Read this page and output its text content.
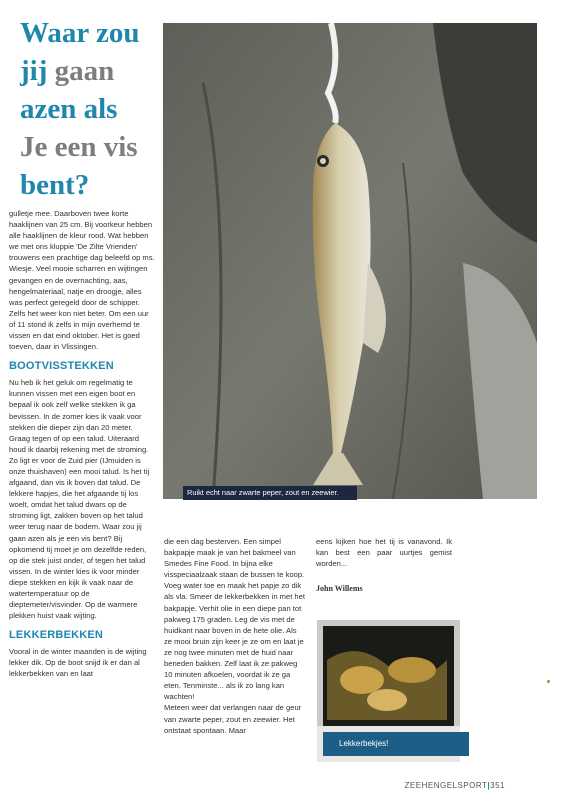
Waar zou
jij gaan
azen als
Je een vis
bent?

gulletje mee. Daarboven twee korte haaklijnen van 25 cm. Bij voorkeur hebben alle haaklijnen de kleur rood. Wat hebben we met ons kluppie 'De Zilte Vrienden' trouwens een prachtige dag beleefd op ms. Wiesje. Veel mooie scharren en wijtingen gevangen en de overnachting, aas, hengelmateriaal, natje en droogje, alles was perfect geregeld door de schipper. Zelfs het weer kon niet beter. Om een uur of 11 stond ik zelfs in mijn overhemd te vissen en dat eind oktober. Het is goed toeven, daar in Vlissingen.

BOOTVISSTEKKEN

Nu heb ik het geluk om regelmatig te kunnen vissen met een eigen boot en bepaal ik ook zelf welke stekken ik ga bevissen. In de zomer kies ik vaak voor stekken die dieper zijn dan 20 meter. Graag tegen of op een talud. Uiteraard houd ik daarbij rekening met de stroming. Zo ligt er voor de Zuid pier (IJmuiden is onze thuishaven) een mooi talud. Is het tij afgaand, dan vis ik boven dat talud. De lekkere hapjes, die het afgaande tij los woelt, omdat het talud dwars op de stroming ligt, zakken boven op het talud weer terug naar de bodem. Waar zou jij gaan azen als je een vis bent? Bij opkomend tij moet je om dezelfde reden, op die stek juist onder, of tegen het talud vissen. In de winter kies ik voor minder diepe stekken en kijk ik vaak naar de watertemperatuur op de dieptemeter/visvinder. Op de warmere plekken huist vaak wijting.

LEKKERBEKKEN

Vooral in de winter maanden is de wijting lekker dik. Op de boot snijd ik er dan al lekkerbekken van en laat

Ruikt echt naar zwarte peper, zout en zeewier.

die een dag besterven. Een simpel bakpapje maak je van het bakmeel van Smedes Fine Food. In bijna elke visspeciaalzaak staan de bussen te koop. Voeg water toe en maak het papje zo dik als vla. Smeer de lekkerbekken in met het bakpapje. Verhit olie in een diepe pan tot pakweg 175 graden. Leg de vis met de huidkant naar boven in de hete olie. Als ze mooi bruin zijn keer je ze om en laat je ze nog twee minuten met de huid naar beneden bakken. Zelf laat ik ze pakweg 10 minuten afkoelen, voordat ik ze ga eten. Tenminste... als ik zo lang kan wachten!

Meteen weer dat verlangen naar de geur van zwarte peper, zout en zeewier. Het ontstaat spontaan. Maar

eens kijken hoe het tij is vanavond. Ik kan best een paar uurtjes gemist worden...

John Willems
Lekkerbekjes!
ZEEHENGELSPORT|351
